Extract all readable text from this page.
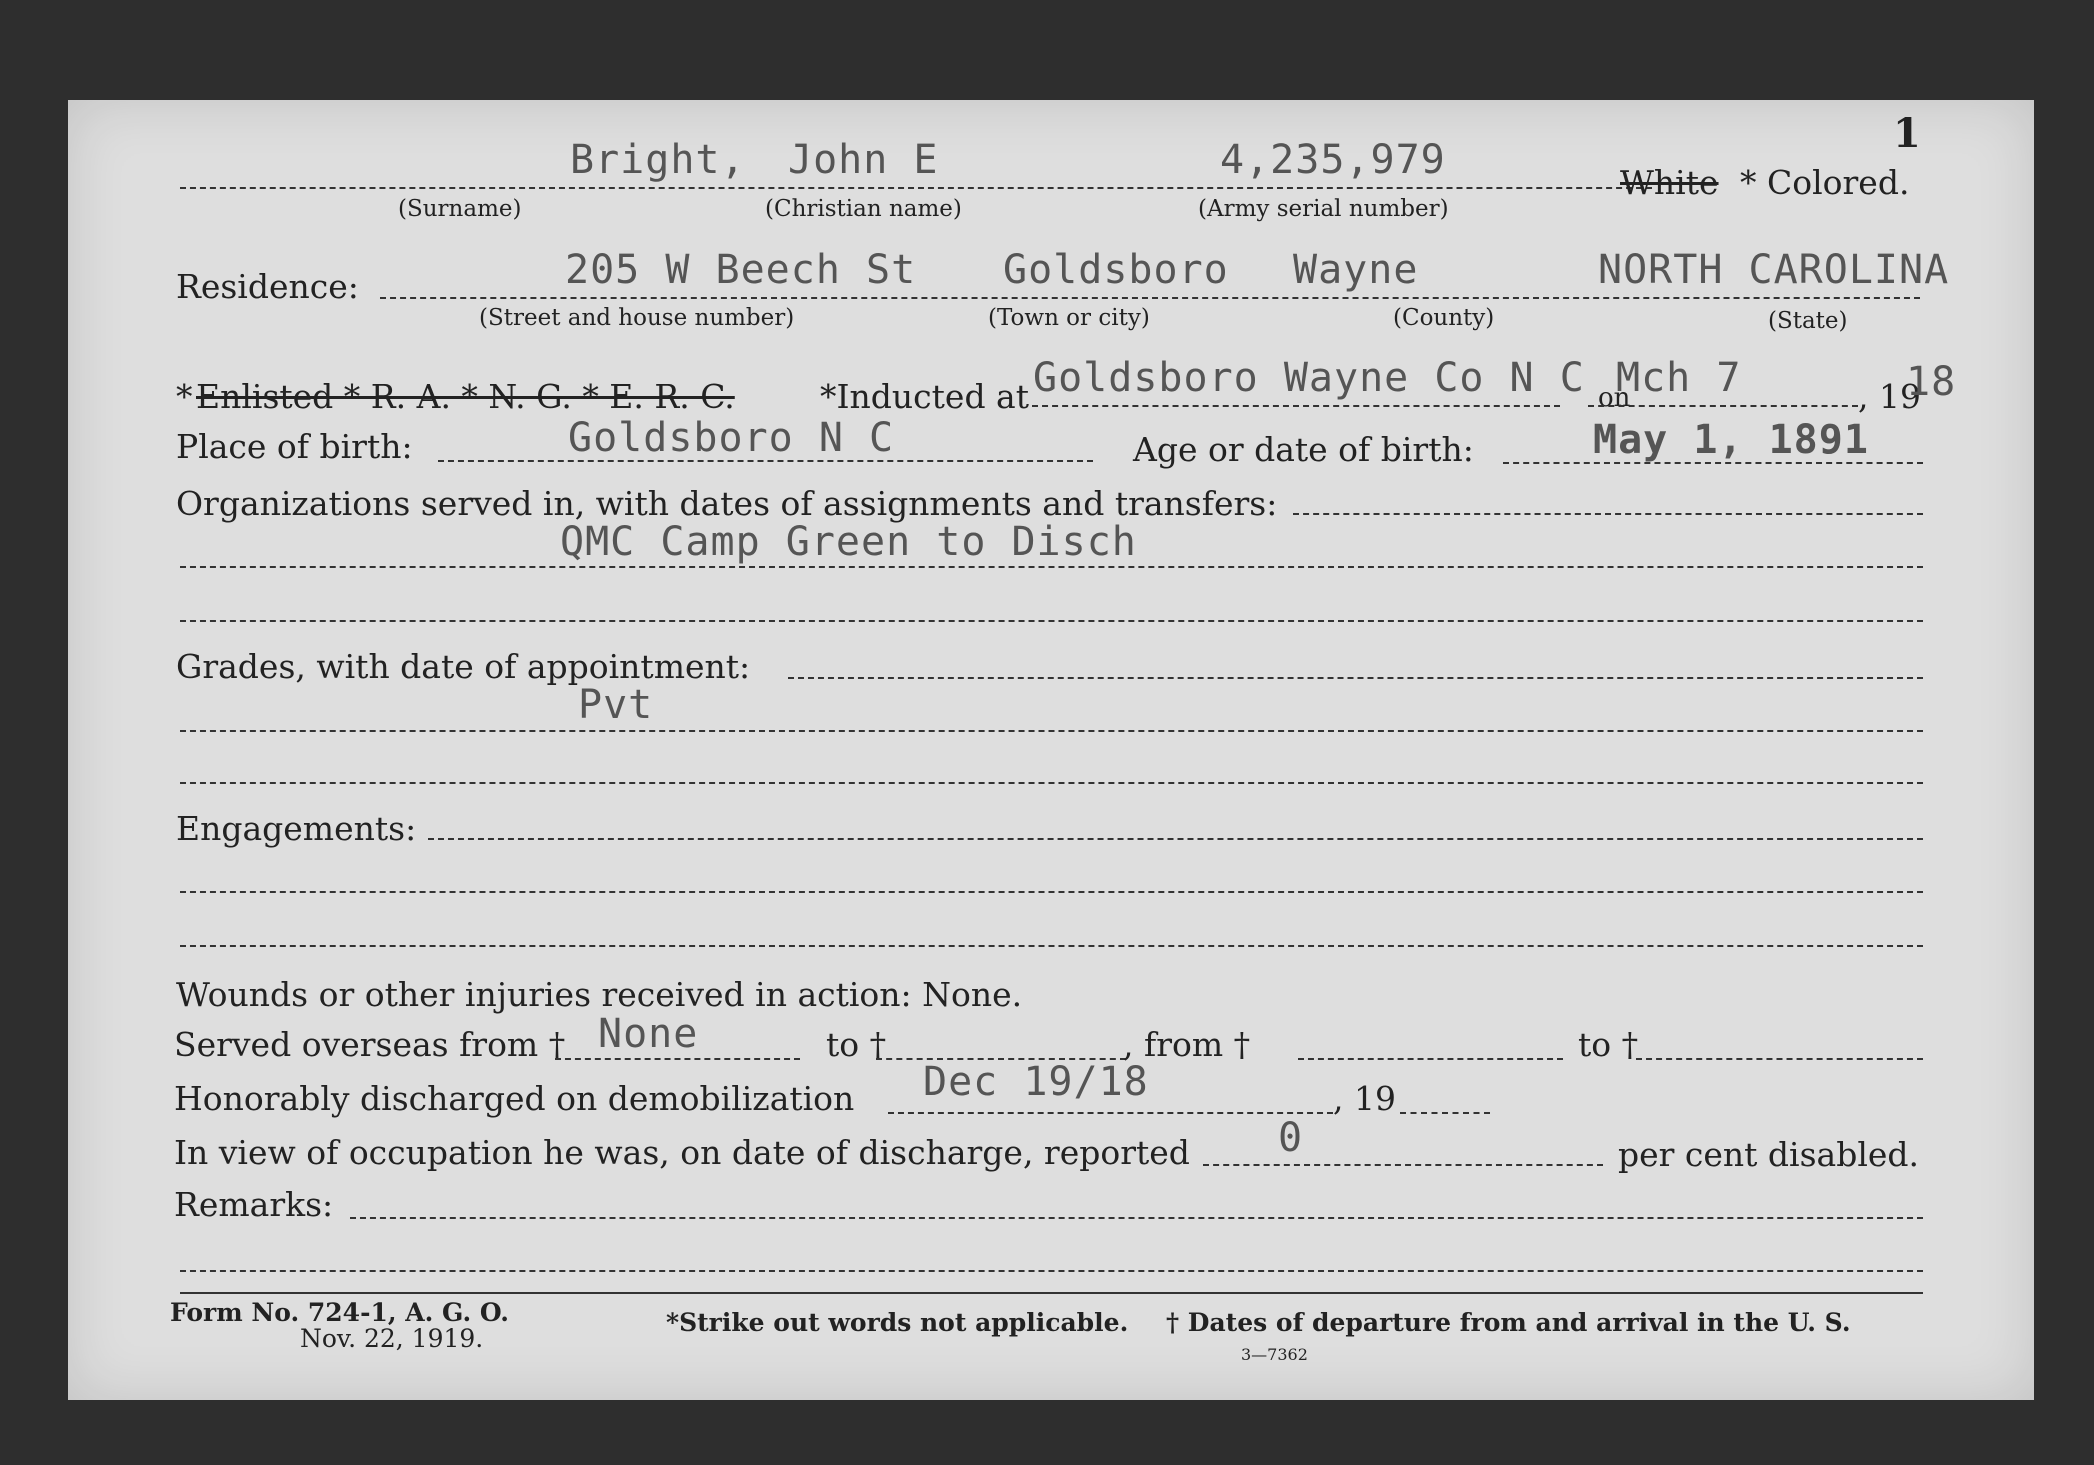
1
Bright, John E	4,235,979	White * Colored.
(Surname)	(Christian name)	(Army serial number)
Residence:	205 W Beech St Goldsboro Wayne	NORTH CAROLINA
(Street and house number)	(Town or city)	(County)	(State)
* Enlisted * R. A. * N. G. * E. R. C.	*Inducted at Goldsboro Wayne Co N C on
Mch 7	, 19
18
Place of birth:	Goldsboro N C	Age or date of birth:	May 1, 1891
Organizations served in, with dates of assignments and transfers:
QMC Camp Green to Disch
Grades, with date of appointment:
Pvt
Engagements:
Wounds or other injuries received in action: None.
Served overseas from † None	to †	, from †	to †
Honorably discharged on demobilization Dec 19/18	, 19
In view of occupation he was, on date of discharge, reported 0	per cent disabled.
Remarks:
Form No. 724-1, A. G. O.
Nov. 22, 1919.
*Strike out words not applicable. † Dates of departure from and arrival in the U. S.
3—7362
